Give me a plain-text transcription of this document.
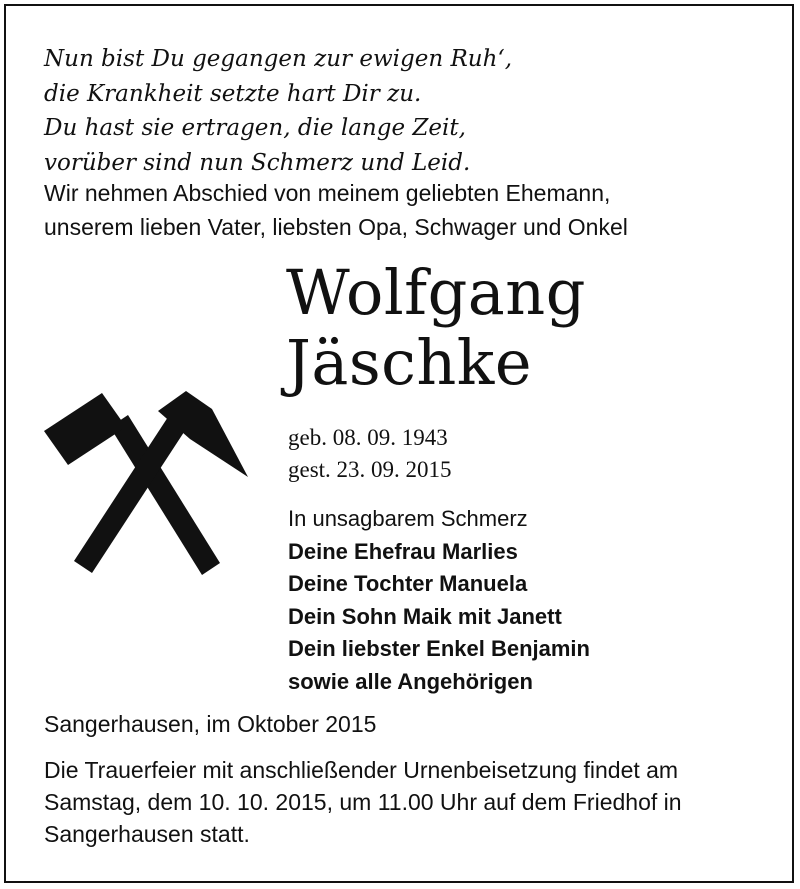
Nun bist Du gegangen zur ewigen Ruh‘,
die Krankheit setzte hart Dir zu.
Du hast sie ertragen, die lange Zeit,
vorüber sind nun Schmerz und Leid.
Wir nehmen Abschied von meinem geliebten Ehemann,
unserem lieben Vater, liebsten Opa, Schwager und Onkel
Wolfgang
Jäschke
geb. 08. 09. 1943
gest. 23. 09. 2015
In unsagbarem Schmerz
Deine Ehefrau Marlies
Deine Tochter Manuela
Dein Sohn Maik mit Janett
Dein liebster Enkel Benjamin
sowie alle Angehörigen
Sangerhausen, im Oktober 2015
Die Trauerfeier mit anschließender Urnenbeisetzung findet am
Samstag, dem 10. 10. 2015, um 11.00 Uhr auf dem Friedhof in
Sangerhausen statt.
